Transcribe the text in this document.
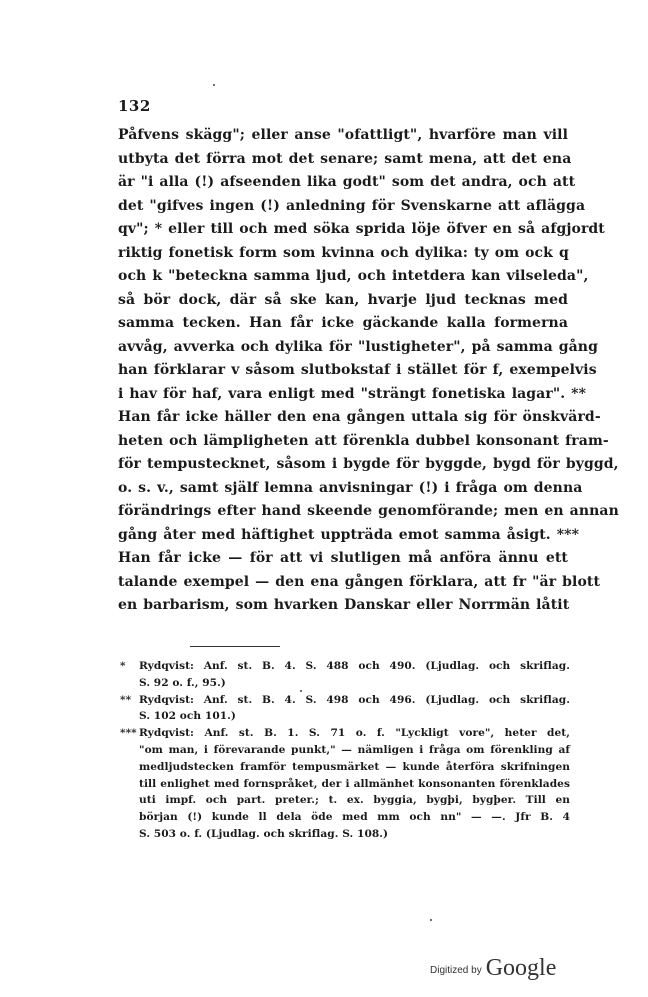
132
Påfvens skägg"; eller anse "ofattligt", hvarföre man vill
utbyta det förra mot det senare; samt mena, att det ena
är "i alla (!) afseenden lika godt" som det andra, och att
det "gifves ingen (!) anledning för Svenskarne att aflägga
qv"; * eller till och med söka sprida löje öfver en så afgjordt
riktig fonetisk form som kvinna och dylika: ty om ock q
och k "beteckna samma ljud, och intetdera kan vilseleda",
så bör dock, där så ske kan, hvarje ljud tecknas med
samma tecken. Han får icke gäckande kalla formerna
avvåg, avverka och dylika för "lustigheter", på samma gång
han förklarar v såsom slutbokstaf i stället för f, exempelvis
i hav för haf, vara enligt med "strängt fonetiska lagar". **
Han får icke häller den ena gången uttala sig för önskvärd-
heten och lämpligheten att förenkla dubbel konsonant fram-
för tempustecknet, såsom i bygde för byggde, bygd för byggd,
o. s. v., samt själf lemna anvisningar (!) i fråga om denna
förändrings efter hand skeende genomförande; men en annan
gång åter med häftighet uppträda emot samma åsigt. ***
Han får icke — för att vi slutligen må anföra ännu ett
talande exempel — den ena gången förklara, att fr "är blott
en barbarism, som hvarken Danskar eller Norrmän låtit
* Rydqvist: Anf. st. B. 4. S. 488 och 490. (Ljudlag. och skriflag.
S. 92 o. f., 95.)
** Rydqvist: Anf. st. B. 4. S. 498 och 496. (Ljudlag. och skriflag.
S. 102 och 101.)
*** Rydqvist: Anf. st. B. 1. S. 71 o. f. "Lyckligt vore", heter det,
"om man, i förevarande punkt," — nämligen i fråga om förenkling af
medljudstecken framför tempusmärket — kunde återföra skrifningen
till enlighet med fornspråket, der i allmänhet konsonanten förenklades
uti impf. och part. preter.; t. ex. byggia, bygþi, bygþer. Till en
början (!) kunde ll dela öde med mm och nn" — —. Jfr B. 4
S. 503 o. f. (Ljudlag. och skriflag. S. 108.)
Digitized by Google
